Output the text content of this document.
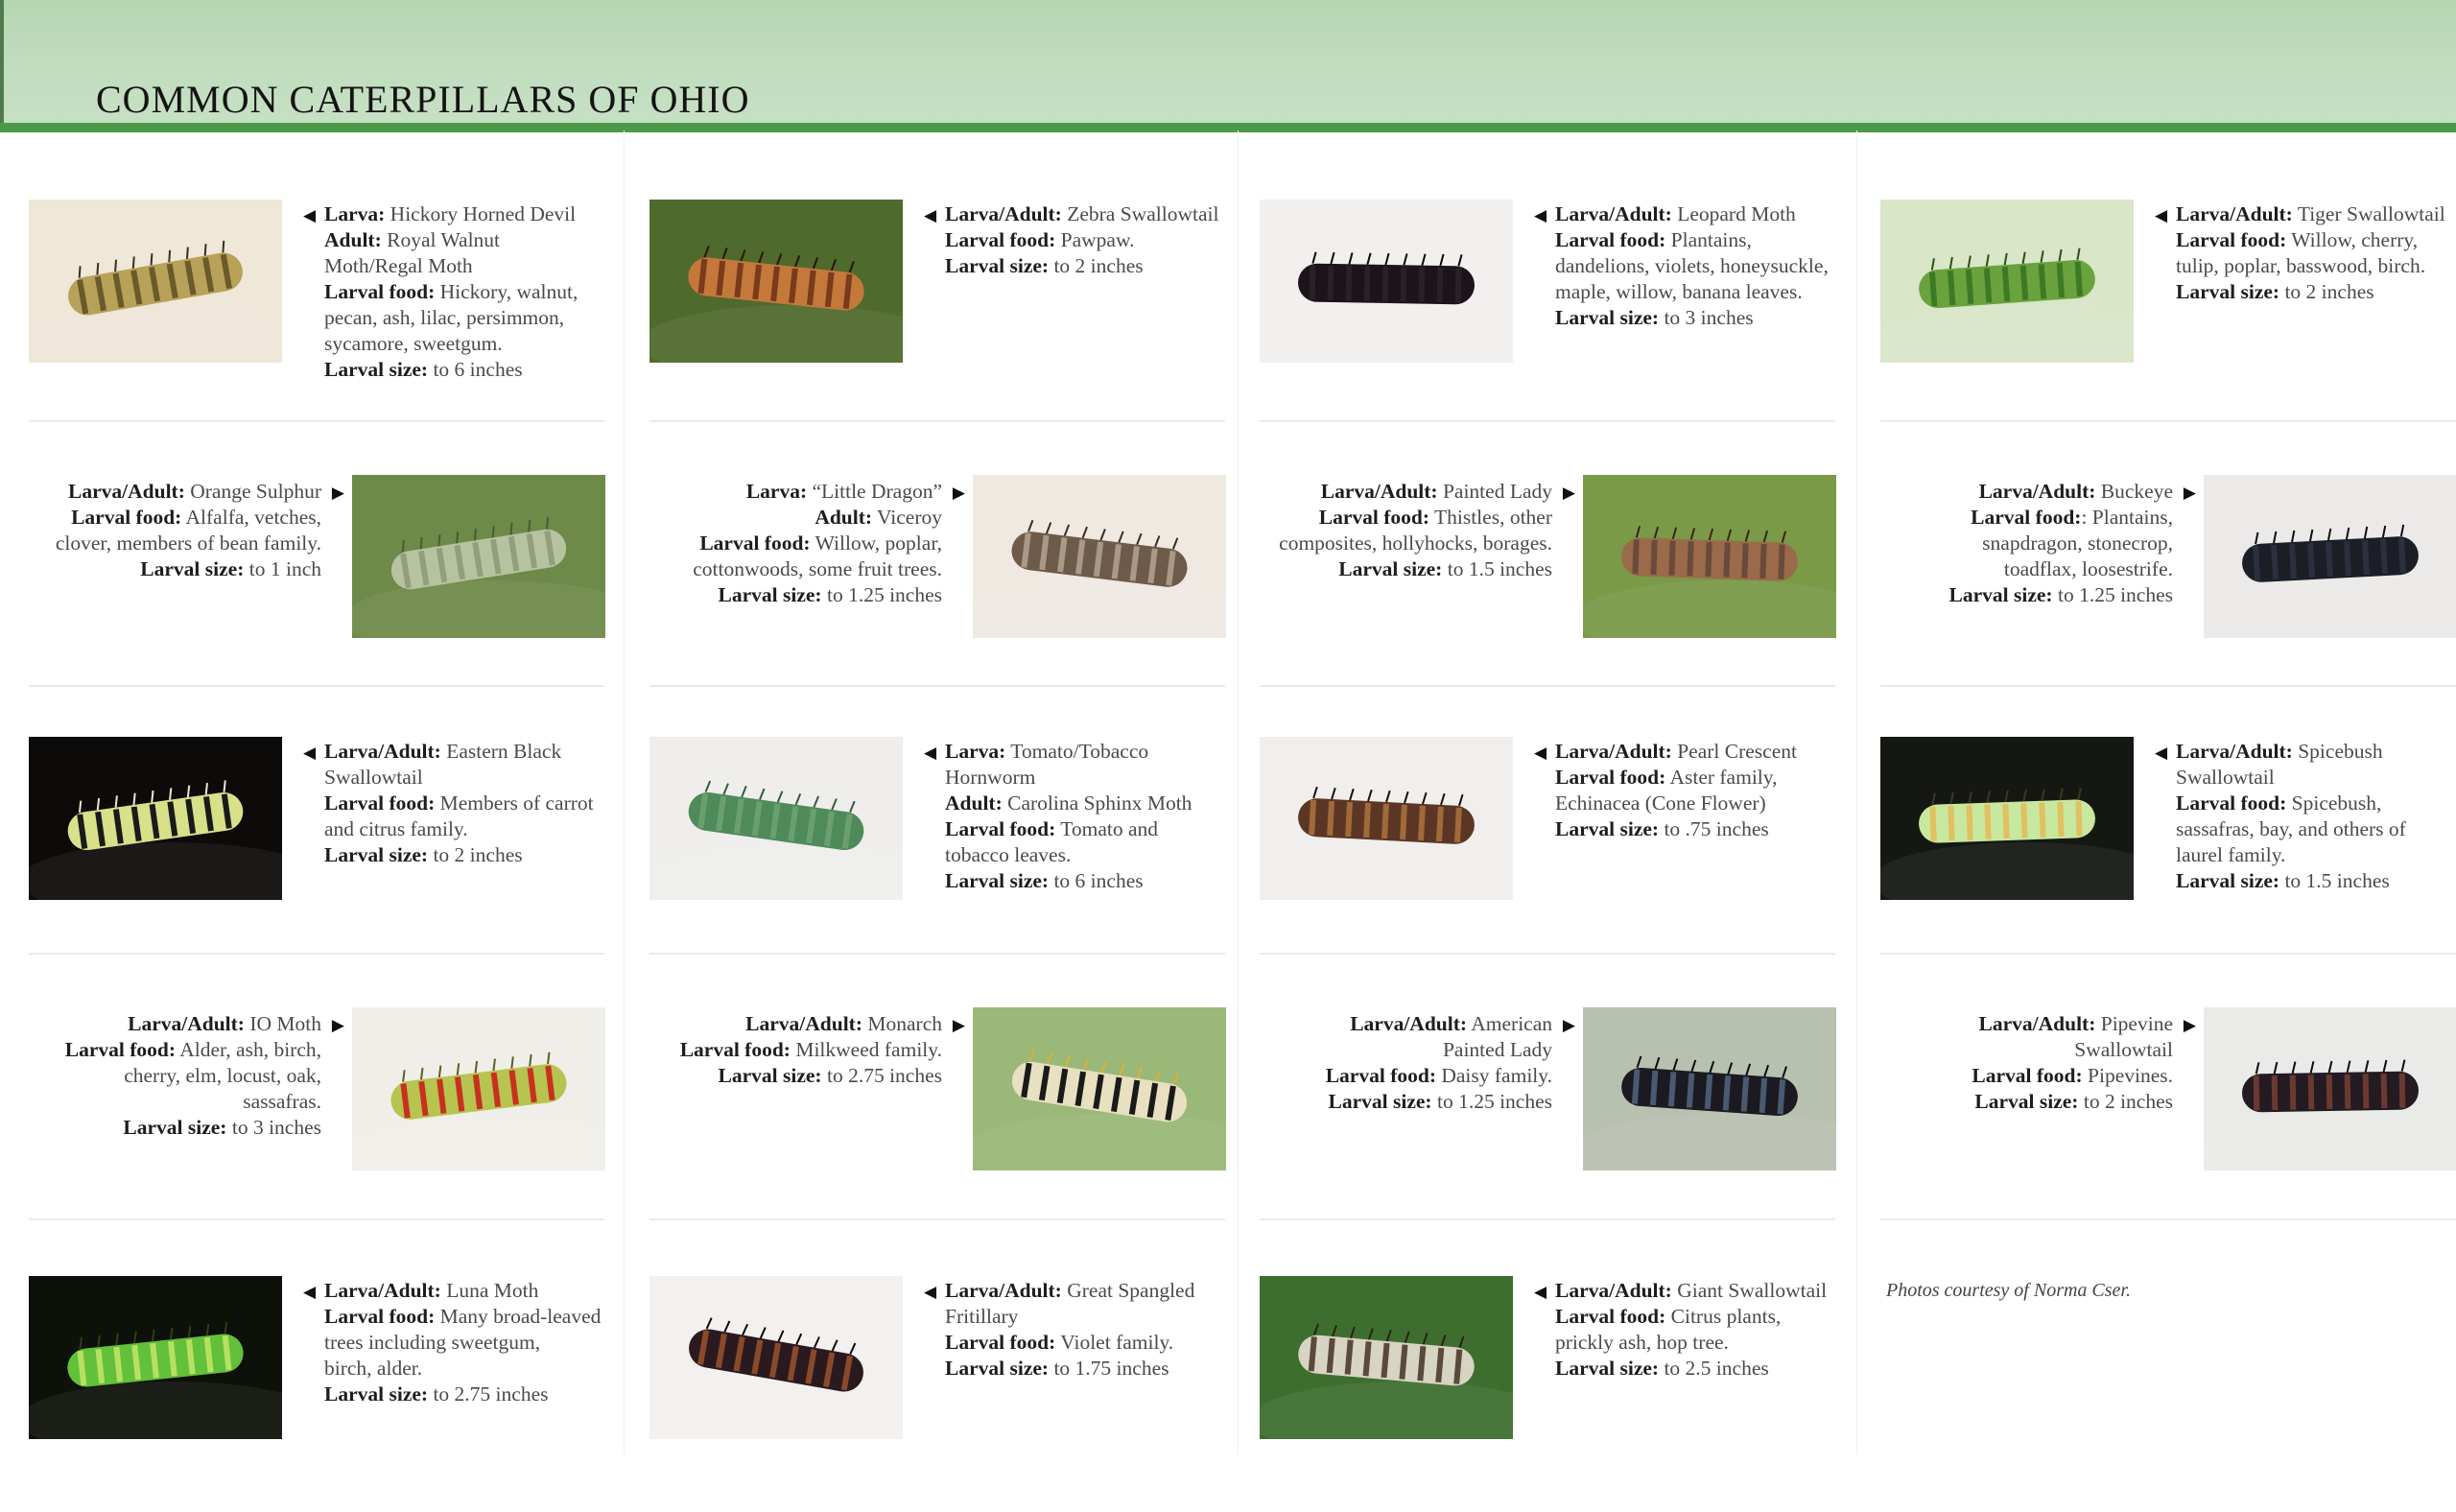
COMMON CATERPILLARS OF OHIO
◀ Larva: Hickory Horned Devil
Adult: Royal Walnut
Moth/Regal Moth
Larval food: Hickory, walnut,
pecan, ash, lilac, persimmon,
sycamore, sweetgum.
Larval size: to 6 inches
◀ Larva/Adult: Zebra Swallowtail
Larval food: Pawpaw.
Larval size: to 2 inches
◀ Larva/Adult: Leopard Moth
Larval food: Plantains,
dandelions, violets, honeysuckle,
maple, willow, banana leaves.
Larval size: to 3 inches
◀ Larva/Adult: Tiger Swallowtail
Larval food: Willow, cherry,
tulip, poplar, basswood, birch.
Larval size: to 2 inches
▶
Larva/Adult: Orange Sulphur
Larval food: Alfalfa, vetches,
clover, members of bean family.
Larval size: to 1 inch
▶
Larva: “Little Dragon”
Adult: Viceroy
Larval food: Willow, poplar,
cottonwoods, some fruit trees.
Larval size: to 1.25 inches
▶
Larva/Adult: Painted Lady
Larval food: Thistles, other
composites, hollyhocks, borages.
Larval size: to 1.5 inches
▶
Larva/Adult: Buckeye
Larval food:: Plantains,
snapdragon, stonecrop,
toadflax, loosestrife.
Larval size: to 1.25 inches
◀ Larva/Adult: Eastern Black
Swallowtail
Larval food: Members of carrot
and citrus family.
Larval size: to 2 inches
◀ Larva: Tomato/Tobacco
Hornworm
Adult: Carolina Sphinx Moth
Larval food: Tomato and
tobacco leaves.
Larval size: to 6 inches
◀ Larva/Adult: Pearl Crescent
Larval food: Aster family,
Echinacea (Cone Flower)
Larval size: to .75 inches
◀ Larva/Adult: Spicebush
Swallowtail
Larval food: Spicebush,
sassafras, bay, and others of
laurel family.
Larval size: to 1.5 inches
▶
Larva/Adult: IO Moth
Larval food: Alder, ash, birch,
cherry, elm, locust, oak,
sassafras.
Larval size: to 3 inches
▶
Larva/Adult: Monarch
Larval food: Milkweed family.
Larval size: to 2.75 inches
▶
Larva/Adult: American
Painted Lady
Larval food: Daisy family.
Larval size: to 1.25 inches
▶
Larva/Adult: Pipevine
Swallowtail
Larval food: Pipevines.
Larval size: to 2 inches
◀ Larva/Adult: Luna Moth
Larval food: Many broad-leaved
trees including sweetgum,
birch, alder.
Larval size: to 2.75 inches
◀ Larva/Adult: Great Spangled
Fritillary
Larval food: Violet family.
Larval size: to 1.75 inches
◀ Larva/Adult: Giant Swallowtail
Larval food: Citrus plants,
prickly ash, hop tree.
Larval size: to 2.5 inches
Photos courtesy of Norma Cser.
